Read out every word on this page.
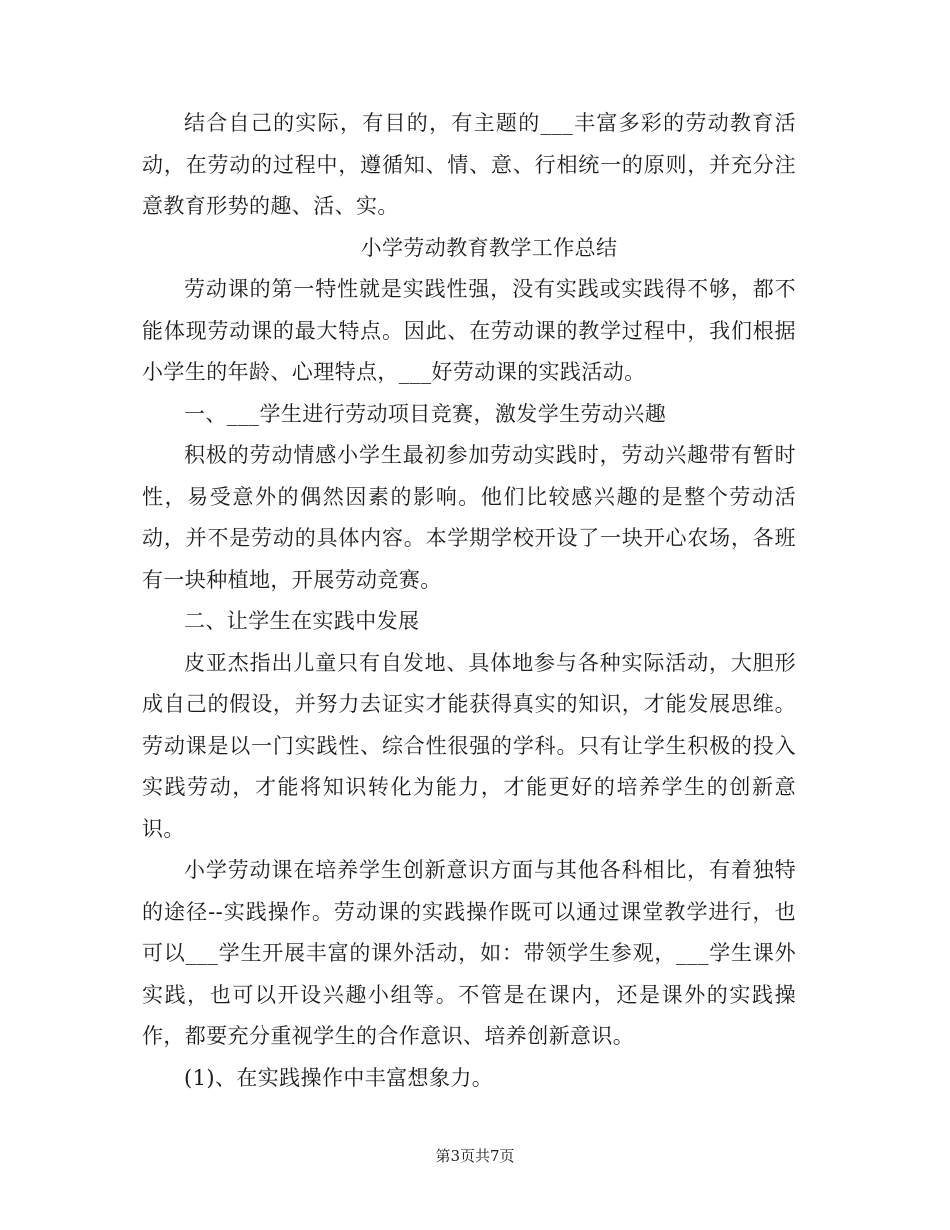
结合自己的实际，有目的，有主题的___丰富多彩的劳动教育活动，在劳动的过程中，遵循知、情、意、行相统一的原则，并充分注意教育形势的趣、活、实。

小学劳动教育教学工作总结

劳动课的第一特性就是实践性强，没有实践或实践得不够，都不能体现劳动课的最大特点。因此、在劳动课的教学过程中，我们根据小学生的年龄、心理特点，___好劳动课的实践活动。

一、___学生进行劳动项目竞赛，激发学生劳动兴趣

积极的劳动情感小学生最初参加劳动实践时，劳动兴趣带有暂时性，易受意外的偶然因素的影响。他们比较感兴趣的是整个劳动活动，并不是劳动的具体内容。本学期学校开设了一块开心农场，各班有一块种植地，开展劳动竞赛。

二、让学生在实践中发展

皮亚杰指出儿童只有自发地、具体地参与各种实际活动，大胆形成自己的假设，并努力去证实才能获得真实的知识，才能发展思维。劳动课是以一门实践性、综合性很强的学科。只有让学生积极的投入实践劳动，才能将知识转化为能力，才能更好的培养学生的创新意识。

小学劳动课在培养学生创新意识方面与其他各科相比，有着独特的途径--实践操作。劳动课的实践操作既可以通过课堂教学进行，也可以___学生开展丰富的课外活动，如：带领学生参观，___学生课外实践，也可以开设兴趣小组等。不管是在课内，还是课外的实践操作，都要充分重视学生的合作意识、培养创新意识。

(1)、在实践操作中丰富想象力。

第3页共7页
